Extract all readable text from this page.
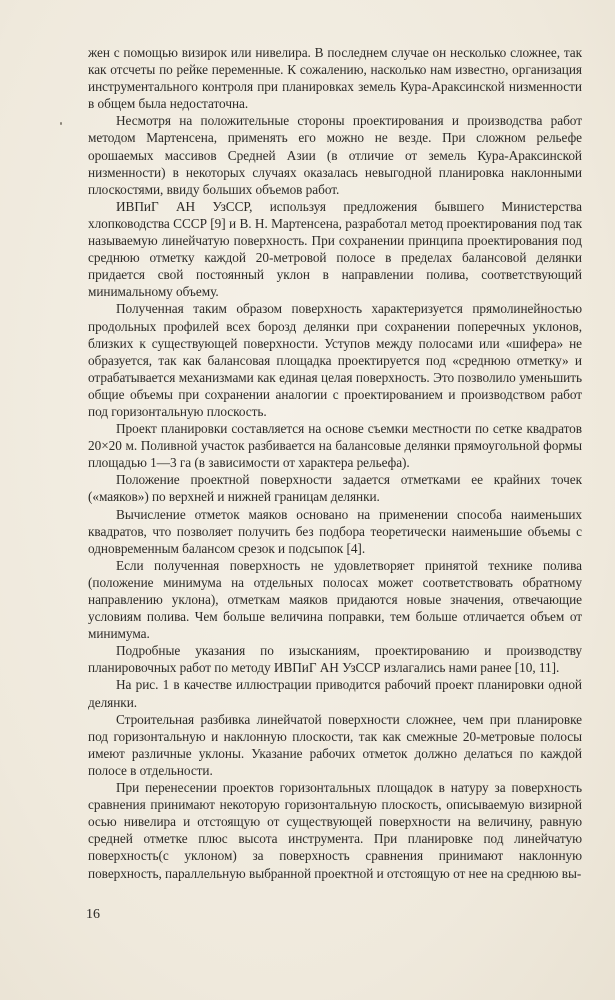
жен с помощью визирок или нивелира. В последнем случае он несколько сложнее, так как отсчеты по рейке переменные. К сожалению, насколько нам известно, организация инструментального контроля при планировках земель Кура-Араксинской низменности в общем была недостаточна.

Несмотря на положительные стороны проектирования и производства работ методом Мартенсена, применять его можно не везде. При сложном рельефе орошаемых массивов Средней Азии (в отличие от земель Кура-Араксинской низменности) в некоторых случаях оказалась невыгодной планировка наклонными плоскостями, ввиду больших объемов работ.

ИВПиГ АН УзССР, используя предложения бывшего Министерства хлопководства СССР [9] и В. Н. Мартенсена, разработал метод проектирования под так называемую линейчатую поверхность. При сохранении принципа проектирования под среднюю отметку каждой 20-метровой полосе в пределах балансовой делянки придается свой постоянный уклон в направлении полива, соответствующий минимальному объему.

Полученная таким образом поверхность характеризуется прямолинейностью продольных профилей всех борозд делянки при сохранении поперечных уклонов, близких к существующей поверхности. Уступов между полосами или «шифера» не образуется, так как балансовая площадка проектируется под «среднюю отметку» и отрабатывается механизмами как единая целая поверхность. Это позволило уменьшить общие объемы при сохранении аналогии с проектированием и производством работ под горизонтальную плоскость.

Проект планировки составляется на основе съемки местности по сетке квадратов 20×20 м. Поливной участок разбивается на балансовые делянки прямоугольной формы площадью 1—3 га (в зависимости от характера рельефа).

Положение проектной поверхности задается отметками ее крайних точек («маяков») по верхней и нижней границам делянки.

Вычисление отметок маяков основано на применении способа наименьших квадратов, что позволяет получить без подбора теоретически наименьшие объемы с одновременным балансом срезок и подсыпок [4].

Если полученная поверхность не удовлетворяет принятой технике полива (положение минимума на отдельных полосах может соответствовать обратному направлению уклона), отметкам маяков придаются новые значения, отвечающие условиям полива. Чем больше величина поправки, тем больше отличается объем от минимума.

Подробные указания по изысканиям, проектированию и производству планировочных работ по методу ИВПиГ АН УзССР излагались нами ранее [10, 11].

На рис. 1 в качестве иллюстрации приводится рабочий проект планировки одной делянки.

Строительная разбивка линейчатой поверхности сложнее, чем при планировке под горизонтальную и наклонную плоскости, так как смежные 20-метровые полосы имеют различные уклоны. Указание рабочих отметок должно делаться по каждой полосе в отдельности.

При перенесении проектов горизонтальных площадок в натуру за поверхность сравнения принимают некоторую горизонтальную плоскость, описываемую визирной осью нивелира и отстоящую от существующей поверхности на величину, равную средней отметке плюс высота инструмента. При планировке под линейчатую поверхность(с уклоном) за поверхность сравнения принимают наклонную поверхность, параллельную выбранной проектной и отстоящую от нее на среднюю вы-

16
